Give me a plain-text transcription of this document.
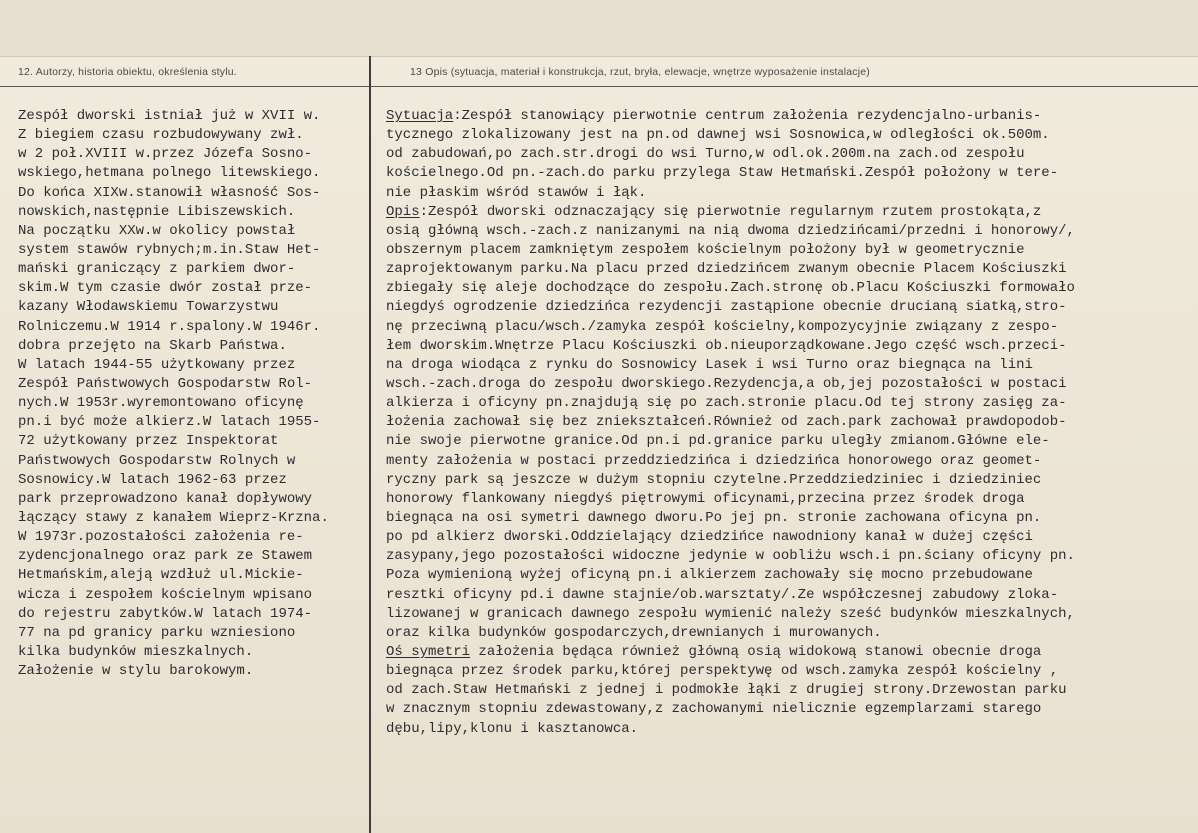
12. Autorzy, historia obiektu, określenia stylu.	13 Opis (sytuacja, materiał i konstrukcja, rzut, bryła, elewacje, wnętrze wyposażenie instalacje)
Zespół dworski istniał już w XVII w.
Z biegiem czasu rozbudowywany zwł.
w 2 poł.XVIII w.przez Józefa Sosno-
wskiego,hetmana polnego litewskiego.
Do końca XIXw.stanowił własność Sos-
nowskich,następnie Libiszewskich.
Na początku XXw.w okolicy powstał
system stawów rybnych;m.in.Staw Het-
mański graniczący z parkiem dwor-
skim.W tym czasie dwór został prze-
kazany Włodawskiemu Towarzystwu
Rolniczemu.W 1914 r.spalony.W 1946r.
dobra przejęto na Skarb Państwa.
W latach 1944-55 użytkowany przez
Zespół Państwowych Gospodarstw Rol-
nych.W 1953r.wyremontowano oficynę
pn.i być może alkierz.W latach 1955-
72 użytkowany przez Inspektorat
Państwowych Gospodarstw Rolnych w
Sosnowicy.W latach 1962-63 przez
park przeprowadzono kanał dopływowy
łączący stawy z kanałem Wieprz-Krzna.
W 1973r.pozostałości założenia re-
zydencjonalnego oraz park ze Stawem
Hetmańskim,aleją wzdłuż ul.Mickie-
wicza i zespołem kościelnym wpisano
do rejestru zabytków.W latach 1974-
77 na pd granicy parku wzniesiono
kilka budynków mieszkalnych.
Założenie w stylu barokowym.
Sytuacja:Zespół stanowiący pierwotnie centrum założenia rezydencjalno-urbanis-
tycznego zlokalizowany jest na pn.od dawnej wsi Sosnowica,w odległości ok.500m.
od zabudowań,po zach.str.drogi do wsi Turno,w odl.ok.200m.na zach.od zespołu
kościelnego.Od pn.-zach.do parku przylega Staw Hetmański.Zespół położony w tere-
nie płaskim wśród stawów i łąk.
Opis:Zespół dworski odznaczający się pierwotnie regularnym rzutem prostokąta,z
osią główną wsch.-zach.z nanizanymi na nią dwoma dziedzińcami/przedni i honorowy/,
obszernym placem zamkniętym zespołem kościelnym położony był w geometrycznie
zaprojektowanym parku.Na placu przed dziedzińcem zwanym obecnie Placem Kościuszki
zbiegały się aleje dochodzące do zespołu.Zach.stronę ob.Placu Kościuszki formowało
niegdyś ogrodzenie dziedzińca rezydencji zastąpione obecnie drucianą siatką,stro-
nę przeciwną placu/wsch./zamyka zespół kościelny,kompozycyjnie związany z zespo-
łem dworskim.Wnętrze Placu Kościuszki ob.nieuporządkowane.Jego część wsch.przeci-
na droga wiodąca z rynku do Sosnowicy Lasek i wsi Turno oraz biegnąca na lini
wsch.-zach.droga do zespołu dworskiego.Rezydencja,a ob,jej pozostałości w postaci
alkierza i oficyny pn.znajdują się po zach.stronie placu.Od tej strony zasięg za-
łożenia zachował się bez zniekształceń.Również od zach.park zachował prawdopodob-
nie swoje pierwotne granice.Od pn.i pd.granice parku uległy zmianom.Główne ele-
menty założenia w postaci przeddziedzińca i dziedzińca honorowego oraz geomet-
ryczny park są jeszcze w dużym stopniu czytelne.Przeddziedziniec i dziedziniec
honorowy flankowany niegdyś piętrowymi oficynami,przecina przez środek droga
biegnąca na osi symetri dawnego dworu.Po jej pn. stronie zachowana oficyna pn.
po pd alkierz dworski.Oddzielający dziedzińce nawodniony kanał w dużej części
zasypany,jego pozostałości widoczne jedynie w oobliżu wsch.i pn.ściany oficyny pn.
Poza wymienioną wyżej oficyną pn.i alkierzem zachowały się mocno przebudowane
resztki oficyny pd.i dawne stajnie/ob.warsztaty/.Ze współczesnej zabudowy zloka-
lizowanej w granicach dawnego zespołu wymienić należy sześć budynków mieszkalnych,
oraz kilka budynków gospodarczych,drewnianych i murowanych.
Oś symetri założenia będąca również główną osią widokową stanowi obecnie droga
biegnąca przez środek parku,której perspektywę od wsch.zamyka zespół kościelny ,
od zach.Staw Hetmański z jednej i podmokłe łąki z drugiej strony.Drzewostan parku
w znacznym stopniu zdewastowany,z zachowanymi nielicznie egzemplarzami starego
dębu,lipy,klonu i kasztanowca.
